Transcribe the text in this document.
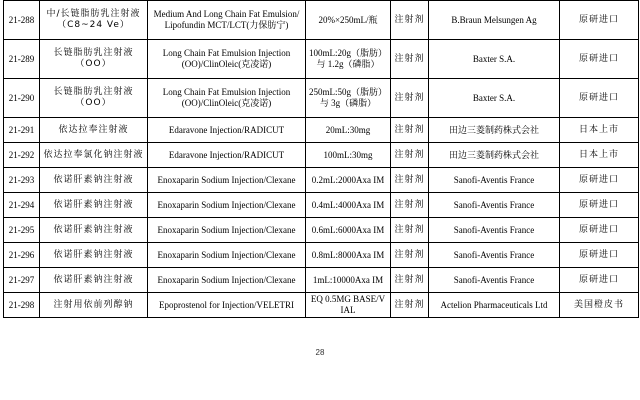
21-288	中/长链脂肪乳注射液（C8~24 Ve）	Medium And Long Chain Fat Emulsion/ Lipofundin MCT/LCT(力保肪宁)	20%×250mL/瓶	注射剂	B.Braun Melsungen Ag	原研进口
21-289	长链脂肪乳注射液（OO）	Long Chain Fat Emulsion Injection (OO)/ClinOleic(克凌诺)	100mL:20g（脂肪）与 1.2g（磷脂）	注射剂	Baxter S.A.	原研进口
21-290	长链脂肪乳注射液（OO）	Long Chain Fat Emulsion Injection (OO)/ClinOleic(克凌诺)	250mL:50g（脂肪）与 3g（磷脂）	注射剂	Baxter S.A.	原研进口
21-291	依达拉奉注射液	Edaravone Injection/RADICUT	20mL:30mg	注射剂	田边三菱制药株式会社	日本上市
21-292	依达拉奉氯化钠注射液	Edaravone Injection/RADICUT	100mL:30mg	注射剂	田边三菱制药株式会社	日本上市
21-293	依诺肝素钠注射液	Enoxaparin Sodium Injection/Clexane	0.2mL:2000Axa IM	注射剂	Sanofi-Aventis France	原研进口
21-294	依诺肝素钠注射液	Enoxaparin Sodium Injection/Clexane	0.4mL:4000Axa IM	注射剂	Sanofi-Aventis France	原研进口
21-295	依诺肝素钠注射液	Enoxaparin Sodium Injection/Clexane	0.6mL:6000Axa IM	注射剂	Sanofi-Aventis France	原研进口
21-296	依诺肝素钠注射液	Enoxaparin Sodium Injection/Clexane	0.8mL:8000Axa IM	注射剂	Sanofi-Aventis France	原研进口
21-297	依诺肝素钠注射液	Enoxaparin Sodium Injection/Clexane	1mL:10000Axa IM	注射剂	Sanofi-Aventis France	原研进口
21-298	注射用依前列醇钠	Epoprostenol for Injection/VELETRI	EQ 0.5MG BASE/V IAL	注射剂	Actelion Pharmaceuticals Ltd	美国橙皮书
28
